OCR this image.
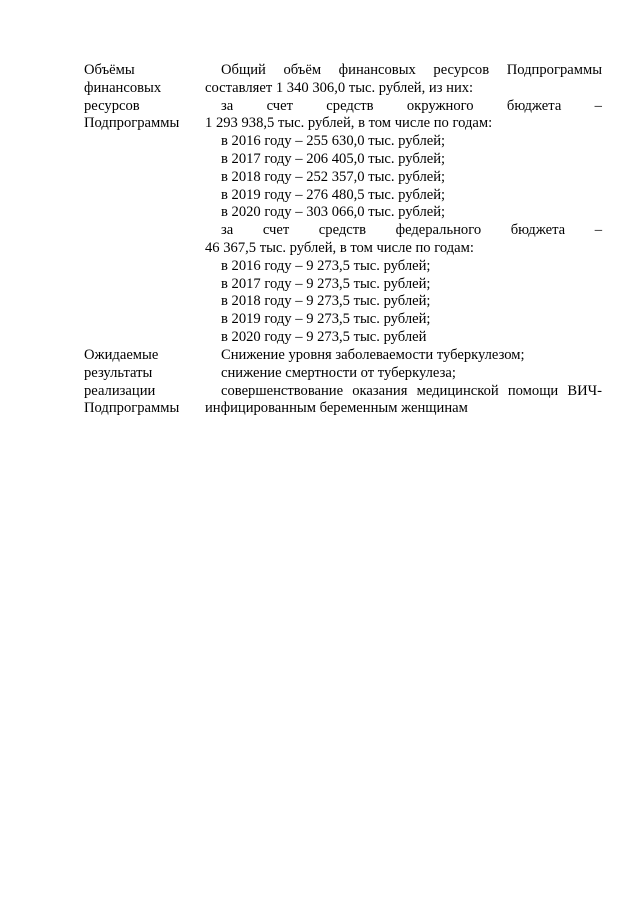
Объёмы
финансовых
ресурсов
Подпрограммы
Общий объём финансовых ресурсов Подпрограммы
составляет 1 340 306,0 тыс. рублей, из них:
за счет средств окружного бюджета –
1 293 938,5 тыс. рублей, в том числе по годам:
в 2016 году – 255 630,0 тыс. рублей;
в 2017 году – 206 405,0 тыс. рублей;
в 2018 году – 252 357,0 тыс. рублей;
в 2019 году – 276 480,5 тыс. рублей;
в 2020 году – 303 066,0 тыс. рублей;
за счет средств федерального бюджета –
46 367,5 тыс. рублей, в том числе по годам:
в 2016 году – 9 273,5 тыс. рублей;
в 2017 году – 9 273,5 тыс. рублей;
в 2018 году – 9 273,5 тыс. рублей;
в 2019 году – 9 273,5 тыс. рублей;
в 2020 году – 9 273,5 тыс. рублей
Ожидаемые
результаты
реализации
Подпрограммы
Снижение уровня заболеваемости туберкулезом;
снижение смертности от туберкулеза;
совершенствование оказания медицинской помощи ВИЧ-
инфицированным беременным женщинам
